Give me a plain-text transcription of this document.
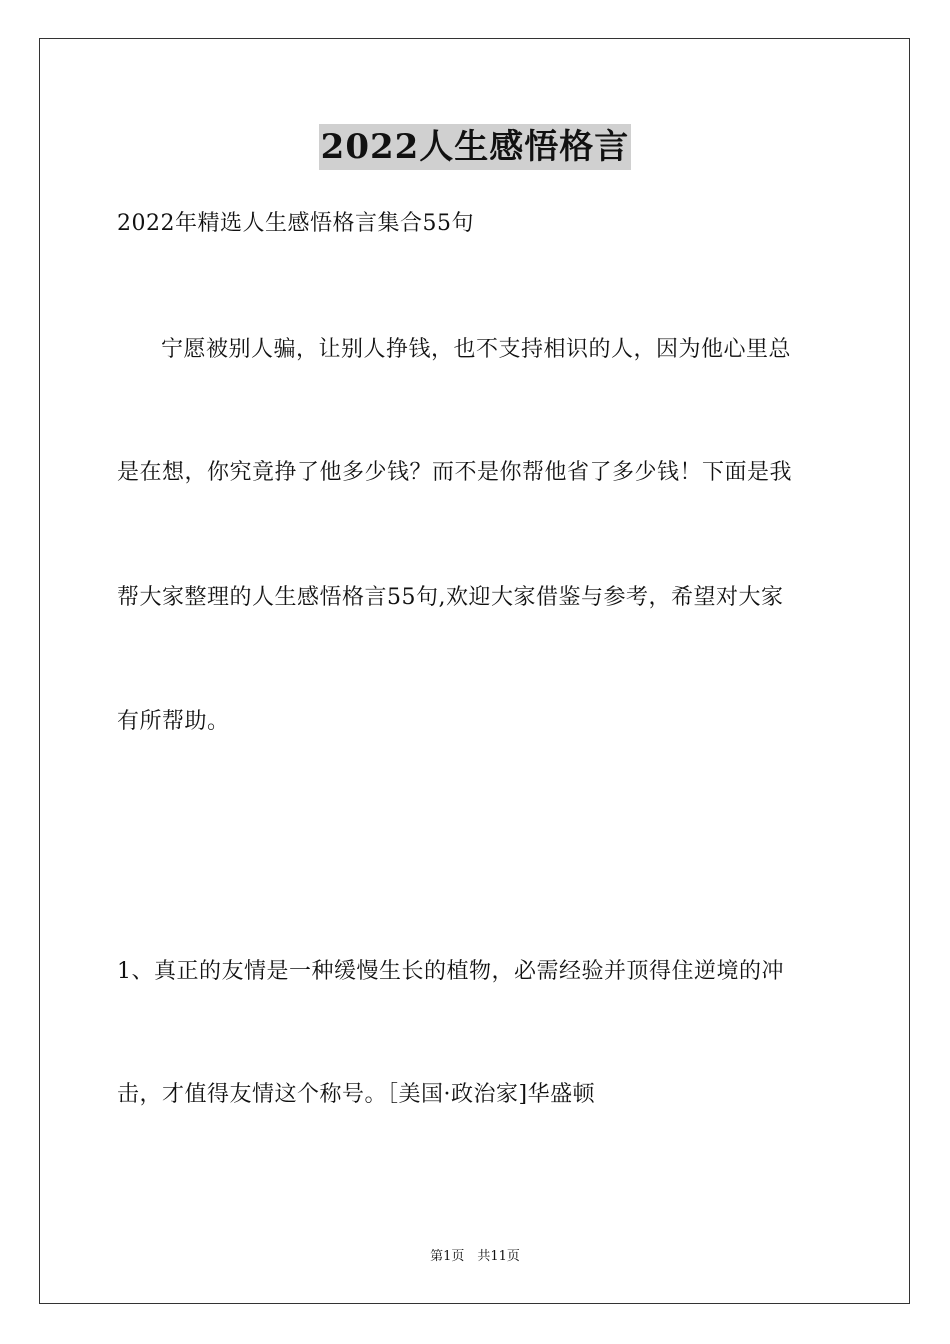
2022人生感悟格言
2022年精选人生感悟格言集合55句
宁愿被别人骗，让别人挣钱，也不支持相识的人，因为他心里总
是在想，你究竟挣了他多少钱？而不是你帮他省了多少钱！下面是我
帮大家整理的人生感悟格言55句,欢迎大家借鉴与参考，希望对大家
有所帮助。
1、真正的友情是一种缓慢生长的植物，必需经验并顶得住逆境的冲
击，才值得友情这个称号。［美国·政治家]华盛顿
第1页　共11页
